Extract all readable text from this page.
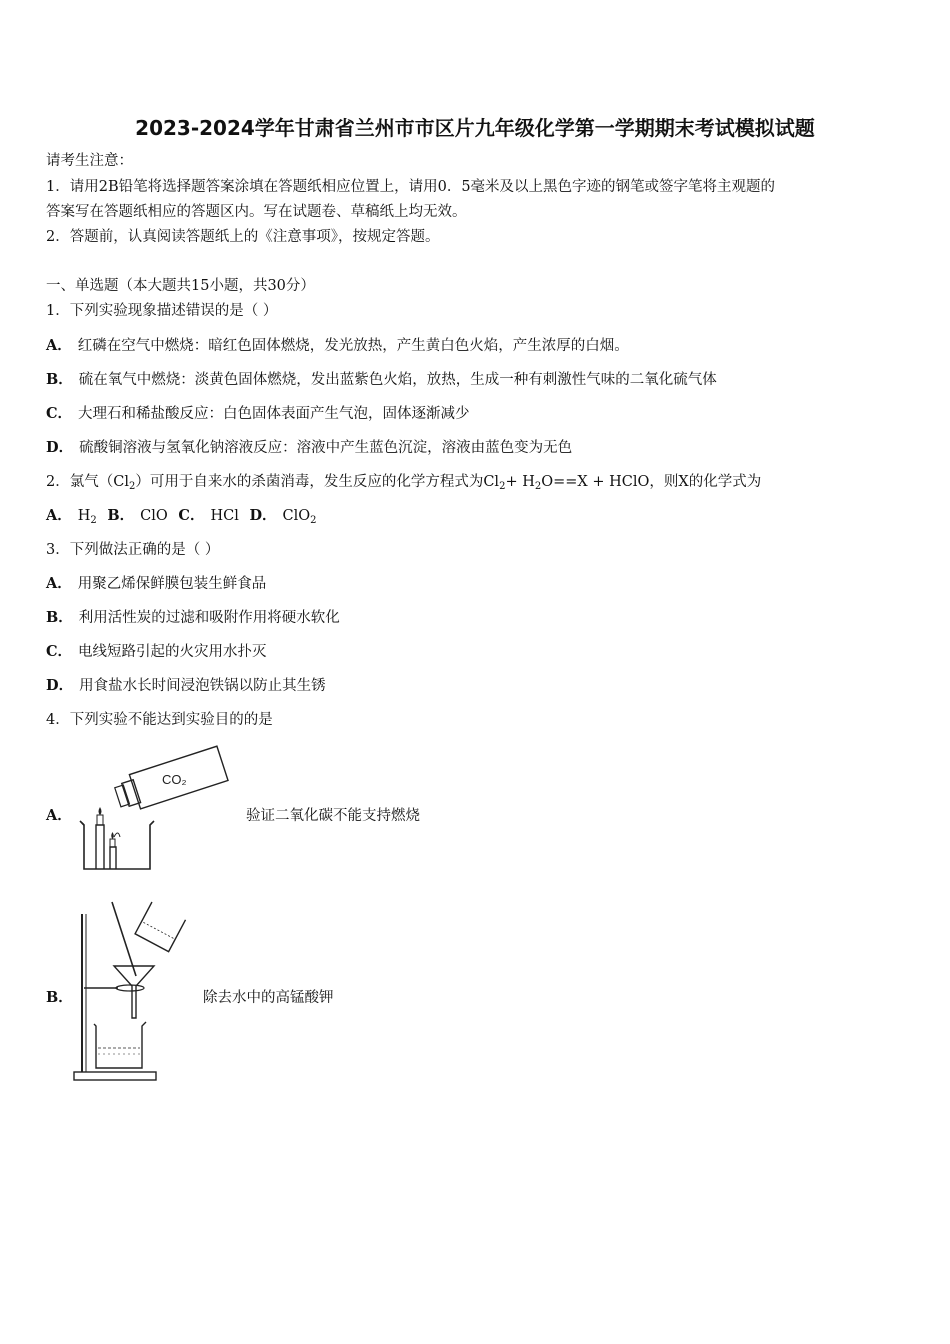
2023-2024学年甘肃省兰州市市区片九年级化学第一学期期末考试模拟试题
请考生注意：
1．请用2B铅笔将选择题答案涂填在答题纸相应位置上，请用0．5毫米及以上黑色字迹的钢笔或签字笔将主观题的
答案写在答题纸相应的答题区内。写在试题卷、草稿纸上均无效。
2．答题前，认真阅读答题纸上的《注意事项》，按规定答题。
一、单选题（本大题共15小题，共30分）
1．下列实验现象描述错误的是（ ）
A． 红磷在空气中燃烧：暗红色固体燃烧，发光放热，产生黄白色火焰，产生浓厚的白烟。
B． 硫在氧气中燃烧：淡黄色固体燃烧，发出蓝紫色火焰，放热，生成一种有刺激性气味的二氧化硫气体
C． 大理石和稀盐酸反应：白色固体表面产生气泡，固体逐渐减少
D． 硫酸铜溶液与氢氧化钠溶液反应：溶液中产生蓝色沉淀，溶液由蓝色变为无色
2．氯气$(Cl_2)$可用于自来水的杀菌消毒，发生反应的化学方程式为$Cl_2+ H_2O==X$ + HClO，则X的化学式为
A． $H_2$ B． ClO C． HCl D． ClO$_2$
3．下列做法正确的是（ ）
A． 用聚乙烯保鲜膜包装生鲜食品
B． 利用活性炭的过滤和吸附作用将硬水软化
C． 电线短路引起的火灾用水扑灭
D． 用食盐水长时间浸泡铁锅以防止其生锈
4．下列实验不能达到实验目的的是
A．
CO₂
验证二氧化碳不能支持燃烧
B．	除去水中的高锰酸钾
